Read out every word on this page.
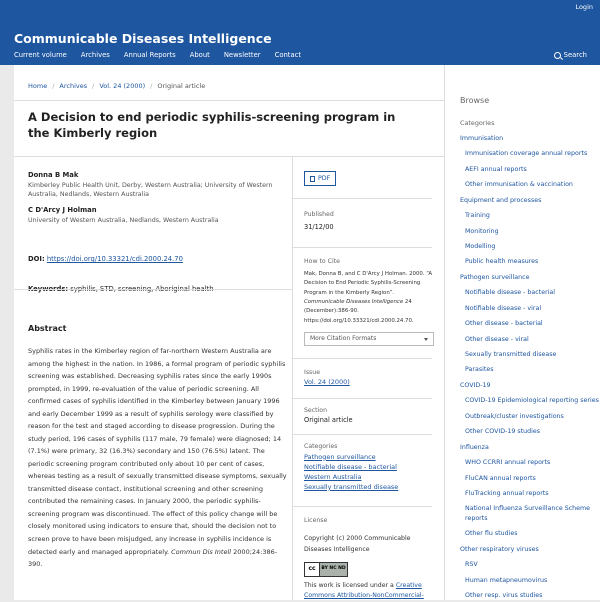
Login
Communicable Diseases Intelligence
Current volume Archives Annual Reports About Newsletter Contact	Search
Home / Archives / Vol. 24 (2000) / Original article
A Decision to end periodic syphilis-screening program in the Kimberly region
Donna B Mak
Kimberley Public Health Unit, Derby, Western Australia; University of Western Australia, Nedlands, Western Australia
C D'Arcy J Holman
University of Western Australia, Nedlands, Western Australia
DOI: https://doi.org/10.33321/cdi.2000.24.70
Keywords: syphilis, STD, screening, Aboriginal health
Abstract
Syphilis rates in the Kimberley region of far-northern Western Australia are among the highest in the nation. In 1986, a formal program of periodic syphilis screening was established. Decreasing syphilis rates since the early 1990s prompted, in 1999, re-evaluation of the value of periodic screening. All confirmed cases of syphilis identified in the Kimberley between January 1996 and early December 1999 as a result of syphilis serology were classified by reason for the test and staged according to disease progression. During the study period, 196 cases of syphilis (117 male, 79 female) were diagnosed; 14 (7.1%) were primary, 32 (16.3%) secondary and 150 (76.5%) latent. The periodic screening program contributed only about 10 per cent of cases, whereas testing as a result of sexually transmitted disease symptoms, sexually transmitted disease contact, institutional screening and other screening contributed the remaining cases. In January 2000, the periodic syphilis-screening program was discontinued. The effect of this policy change will be closely monitored using indicators to ensure that, should the decision not to screen prove to have been misjudged, any increase in syphilis incidence is detected early and managed appropriately. Commun Dis Intell 2000;24:386-390.
PDF
Published
31/12/00
How to Cite
Mak, Donna B, and C D'Arcy J Holman. 2000. “A Decision to End Periodic Syphilis-Screening Program in the Kimberly Region”. Communicable Diseases Intelligence 24 (December):386-90. https://doi.org/10.33321/cdi.2000.24.70.
More Citation Formats
Issue
Vol. 24 (2000)
Section
Original article
Categories
Pathogen surveillance
Notifiable disease - bacterial
Western Australia
Sexually transmitted disease
License
Copyright (c) 2000 Communicable Diseases Intelligence
cc	BY NC ND
This work is licensed under a Creative Commons Attribution-NonCommercial-
Browse
Categories
Immunisation
Immunisation coverage annual reports
AEFI annual reports
Other immunisation & vaccination
Equipment and processes
Training
Monitoring
Modelling
Public health measures
Pathogen surveillance
Notifiable disease - bacterial
Notifiable disease - viral
Other disease - bacterial
Other disease - viral
Sexually transmitted disease
Parasites
COVID-19
COVID-19 Epidemiological reporting series
Outbreak/cluster investigations
Other COVID-19 studies
Influenza
WHO CCRRI annual reports
FluCAN annual reports
FluTracking annual reports
National Influenza Surveillance Scheme reports
Other flu studies
Other respiratory viruses
RSV
Human metapneumovirus
Other resp. virus studies
